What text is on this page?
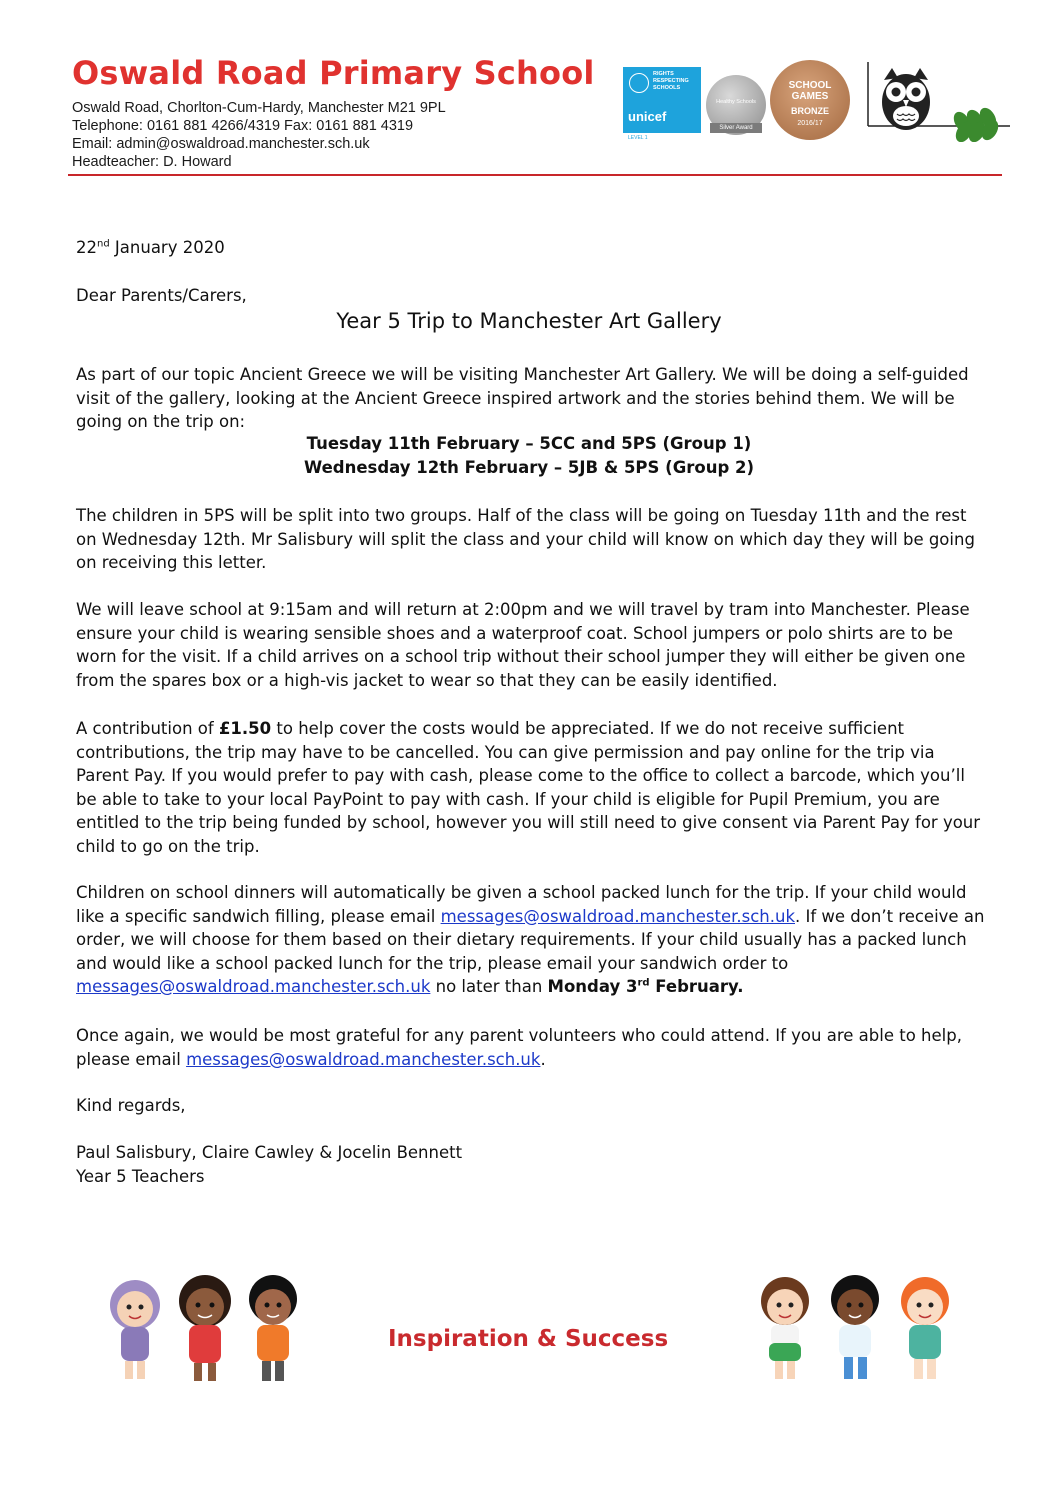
Oswald Road Primary School
Oswald Road, Chorlton-Cum-Hardy, Manchester M21 9PL
Telephone: 0161 881 4266/4319 Fax: 0161 881 4319
Email: admin@oswaldroad.manchester.sch.uk
Headteacher: D. Howard
RIGHTS RESPECTING SCHOOLS
unicef
LEVEL 1
Healthy Schools
Silver Award
SCHOOL GAMES
BRONZE
2016/17

22nd January 2020

Dear Parents/Carers,

Year 5 Trip to Manchester Art Gallery

As part of our topic Ancient Greece we will be visiting Manchester Art Gallery. We will be doing a self-guided visit of the gallery, looking at the Ancient Greece inspired artwork and the stories behind them. We will be going on the trip on:

Tuesday 11th February – 5CC and 5PS (Group 1)
Wednesday 12th February – 5JB & 5PS (Group 2)

The children in 5PS will be split into two groups. Half of the class will be going on Tuesday 11th and the rest on Wednesday 12th. Mr Salisbury will split the class and your child will know on which day they will be going on receiving this letter.

We will leave school at 9:15am and will return at 2:00pm and we will travel by tram into Manchester. Please ensure your child is wearing sensible shoes and a waterproof coat. School jumpers or polo shirts are to be worn for the visit. If a child arrives on a school trip without their school jumper they will either be given one from the spares box or a high-vis jacket to wear so that they can be easily identified.

A contribution of £1.50 to help cover the costs would be appreciated. If we do not receive sufficient contributions, the trip may have to be cancelled. You can give permission and pay online for the trip via Parent Pay. If you would prefer to pay with cash, please come to the office to collect a barcode, which you’ll be able to take to your local PayPoint to pay with cash. If your child is eligible for Pupil Premium, you are entitled to the trip being funded by school, however you will still need to give consent via Parent Pay for your child to go on the trip.

Children on school dinners will automatically be given a school packed lunch for the trip. If your child would like a specific sandwich filling, please email messages@oswaldroad.manchester.sch.uk. If we don’t receive an order, we will choose for them based on their dietary requirements. If your child usually has a packed lunch and would like a school packed lunch for the trip, please email your sandwich order to messages@oswaldroad.manchester.sch.uk no later than Monday 3rd February.

Once again, we would be most grateful for any parent volunteers who could attend. If you are able to help, please email messages@oswaldroad.manchester.sch.uk.

Kind regards,

Paul Salisbury, Claire Cawley & Jocelin Bennett
Year 5 Teachers

Inspiration & Success
